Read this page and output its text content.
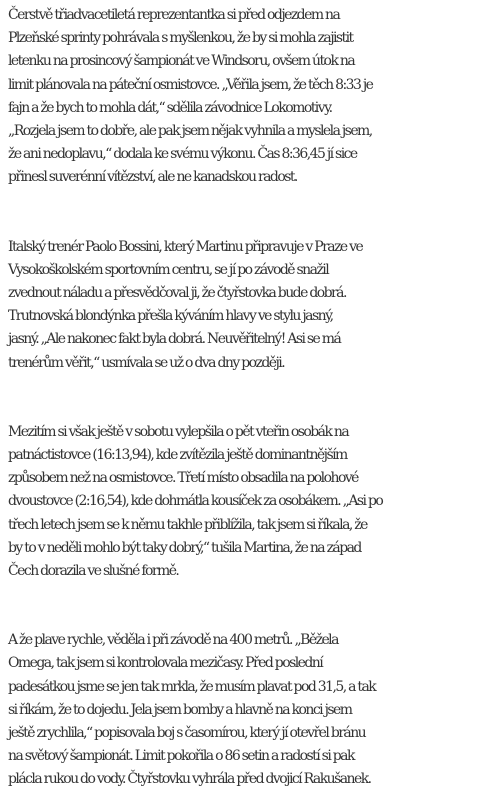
Čerstvě třiadvacetiletá reprezentantka si před odjezdem na
Plzeňské sprinty pohrávala s myšlenkou, že by si mohla zajistit
letenku na prosincový šampionát ve Windsoru, ovšem útok na
limit plánovala na páteční osmistovce. „Věřila jsem, že těch 8:33 je
fajn a že bych to mohla dát,“ sdělila závodnice Lokomotivy.
„Rozjela jsem to dobře, ale pak jsem nějak vyhnila a myslela jsem,
že ani nedoplavu,“ dodala ke svému výkonu. Čas 8:36,45 jí sice
přinesl suverénní vítězství, ale ne kanadskou radost.

Italský trenér Paolo Bossini, který Martinu připravuje v Praze ve
Vysokoškolském sportovním centru, se jí po závodě snažil
zvednout náladu a přesvědčoval ji, že čtyřstovka bude dobrá.
Trutnovská blondýnka přešla kýváním hlavy ve stylu jasný,
jasný. „Ale nakonec fakt byla dobrá. Neuvěřitelný! Asi se má
trenérům věřit,“ usmívala se už o dva dny později.

Mezitím si však ještě v sobotu vylepšila o pět vteřin osobák na
patnáctistovce (16:13,94), kde zvítězila ještě dominantnějším
způsobem než na osmistovce. Třetí místo obsadila na polohové
dvoustovce (2:16,54), kde dohmátla kousíček za osobákem. „Asi po
třech letech jsem se k němu takhle přiblížila, tak jsem si říkala, že
by to v neděli mohlo být taky dobrý,“ tušila Martina, že na západ
Čech dorazila ve slušné formě.

A že plave rychle, věděla i při závodě na 400 metrů. „Běžela
Omega, tak jsem si kontrolovala mezičasy. Před poslední
padesátkou jsme se jen tak mrkla, že musím plavat pod 31,5, a tak
si říkám, že to dojedu. Jela jsem bomby a hlavně na konci jsem
ještě zrychlila,“ popisovala boj s časomírou, který jí otevřel bránu
na světový šampionát. Limit pokořila o 86 setin a radostí si pak
plácla rukou do vody. Čtyřstovku vyhrála před dvojicí Rakušanek.
